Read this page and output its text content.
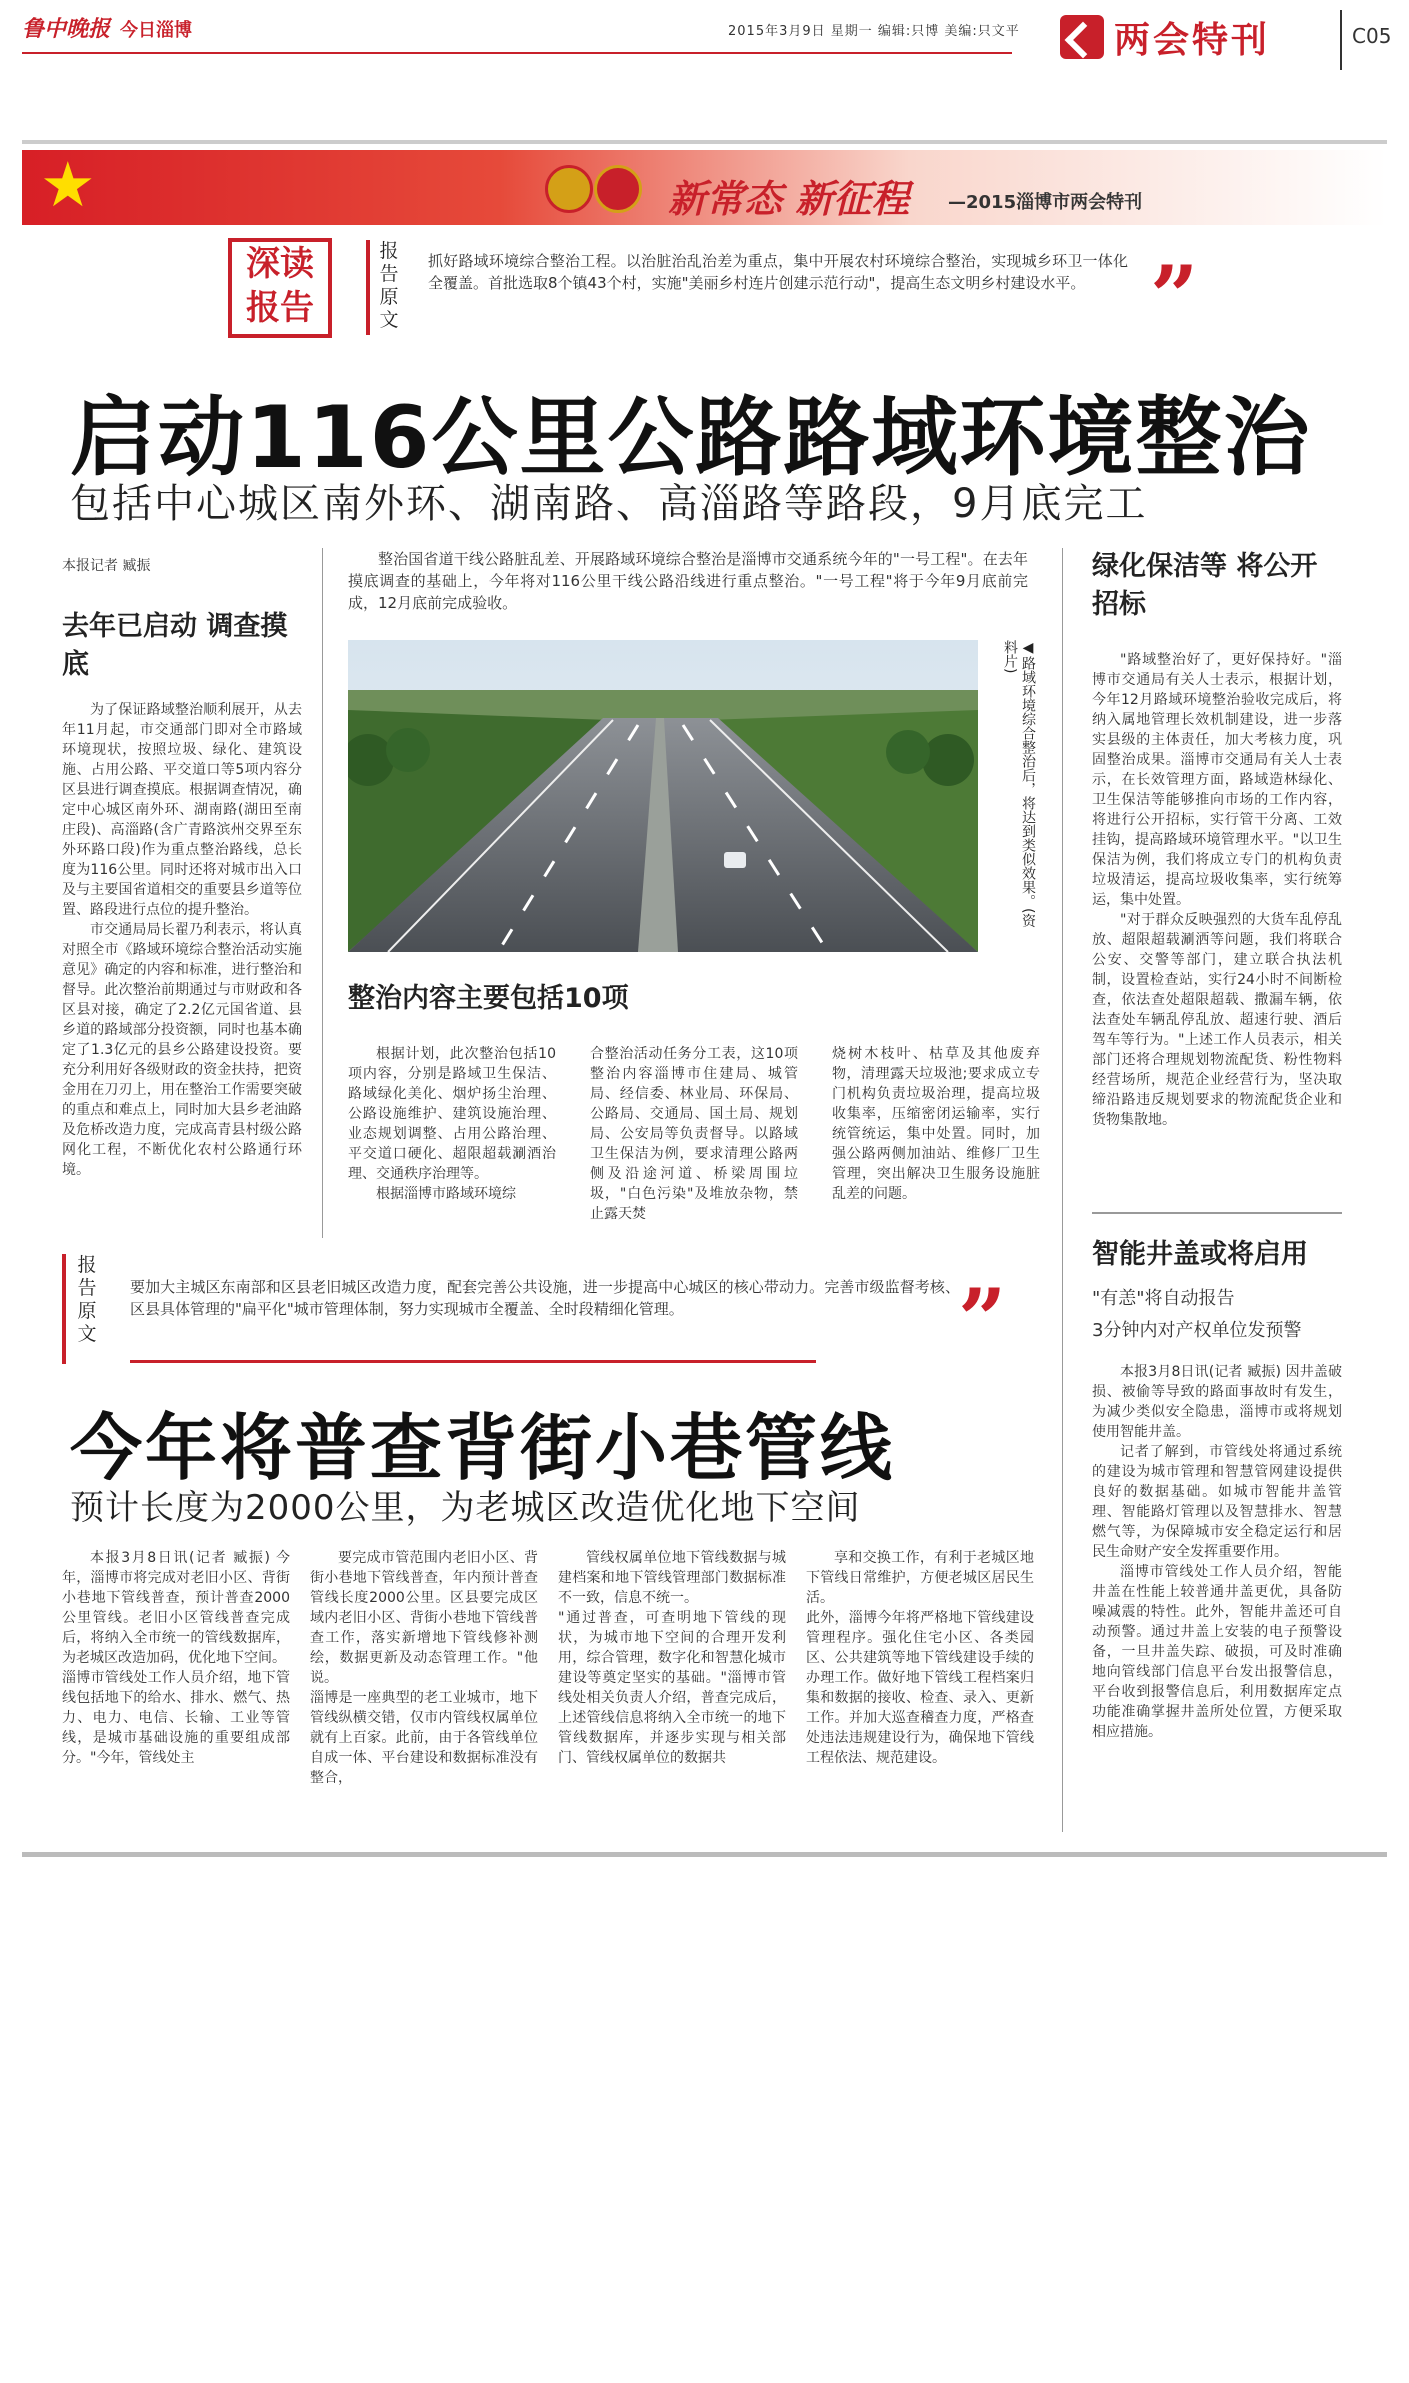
鲁中晚报 今日淄博	2015年3月9日 星期一 编辑:只博 美编:只文平	两会特刊	C05
★	新常态 新征程 —2015淄博市两会特刊
深读报告
报告原文
抓好路域环境综合整治工程。以治脏治乱治差为重点，集中开展农村环境综合整治，实现城乡环卫一体化全覆盖。首批选取8个镇43个村，实施"美丽乡村连片创建示范行动"，提高生态文明乡村建设水平。 ”
启动116公里公路路域环境整治
包括中心城区南外环、湖南路、高淄路等路段，9月底完工
本报记者 臧振
去年已启动 调查摸底

为了保证路域整治顺利展开，从去年11月起，市交通部门即对全市路域环境现状，按照垃圾、绿化、建筑设施、占用公路、平交道口等5项内容分区县进行调查摸底。根据调查情况，确定中心城区南外环、湖南路(湖田至南庄段)、高淄路(含广青路滨州交界至东外环路口段)作为重点整治路线，总长度为116公里。同时还将对城市出入口及与主要国省道相交的重要县乡道等位置、路段进行点位的提升整治。

市交通局局长翟乃利表示，将认真对照全市《路域环境综合整治活动实施意见》确定的内容和标准，进行整治和督导。此次整治前期通过与市财政和各区县对接，确定了2.2亿元国省道、县乡道的路域部分投资额，同时也基本确定了1.3亿元的县乡公路建设投资。要充分利用好各级财政的资金扶持，把资金用在刀刃上，用在整治工作需要突破的重点和难点上，同时加大县乡老油路及危桥改造力度，完成高青县村级公路网化工程，不断优化农村公路通行环境。

整治国省道干线公路脏乱差、开展路域环境综合整治是淄博市交通系统今年的"一号工程"。在去年摸底调查的基础上，今年将对116公里干线公路沿线进行重点整治。"一号工程"将于今年9月底前完成，12月底前完成验收。
◀路域环境综合整治后，将达到类似效果。(资料片)
整治内容主要包括10项

根据计划，此次整治包括10项内容，分别是路域卫生保洁、路域绿化美化、烟炉扬尘治理、公路设施维护、建筑设施治理、业态规划调整、占用公路治理、平交道口硬化、超限超载涮酒治理、交通秩序治理等。

根据淄博市路域环境综

合整治活动任务分工表，这10项整治内容淄博市住建局、城管局、经信委、林业局、环保局、公路局、交通局、国土局、规划局、公安局等负责督导。以路域卫生保洁为例，要求清理公路两侧及沿途河道、桥梁周围垃圾，"白色污染"及堆放杂物，禁止露天焚
烧树木枝叶、枯草及其他废弃物，清理露天垃圾池;要求成立专门机构负责垃圾治理，提高垃圾收集率，压缩密闭运输率，实行统管统运，集中处置。同时，加强公路两侧加油站、维修厂卫生管理，突出解决卫生服务设施脏乱差的问题。
绿化保洁等 将公开招标

"路域整治好了，更好保持好。"淄博市交通局有关人士表示，根据计划，今年12月路域环境整治验收完成后，将纳入属地管理长效机制建设，进一步落实县级的主体责任，加大考核力度，巩固整治成果。淄博市交通局有关人士表示，在长效管理方面，路域造林绿化、卫生保洁等能够推向市场的工作内容，将进行公开招标，实行管干分离、工效挂钩，提高路域环境管理水平。"以卫生保洁为例，我们将成立专门的机构负责垃圾清运，提高垃圾收集率，实行统筹运，集中处置。

"对于群众反映强烈的大货车乱停乱放、超限超载涮洒等问题，我们将联合公安、交警等部门，建立联合执法机制，设置检查站，实行24小时不间断检查，依法查处超限超载、撒漏车辆，依法查处车辆乱停乱放、超速行驶、酒后驾车等行为。"上述工作人员表示，相关部门还将合理规划物流配货、粉性物料经营场所，规范企业经营行为，坚决取缔沿路违反规划要求的物流配货企业和货物集散地。

智能井盖或将启用
"有恙"将自动报告
3分钟内对产权单位发预警

本报3月8日讯(记者 臧振) 因井盖破损、被偷等导致的路面事故时有发生，为减少类似安全隐患，淄博市或将规划使用智能井盖。

记者了解到，市管线处将通过系统的建设为城市管理和智慧管网建设提供良好的数据基础。如城市智能井盖管理、智能路灯管理以及智慧排水、智慧燃气等，为保障城市安全稳定运行和居民生命财产安全发挥重要作用。

淄博市管线处工作人员介绍，智能井盖在性能上较普通井盖更优，具备防噪减震的特性。此外，智能井盖还可自动预警。通过井盖上安装的电子预警设备，一旦井盖失踪、破损，可及时准确地向管线部门信息平台发出报警信息，平台收到报警信息后，利用数据库定点功能准确掌握井盖所处位置，方便采取相应措施。

报告原文
要加大主城区东南部和区县老旧城区改造力度，配套完善公共设施，进一步提高中心城区的核心带动力。完善市级监督考核、区县具体管理的"扁平化"城市管理体制，努力实现城市全覆盖、全时段精细化管理。	”
今年将普查背街小巷管线
预计长度为2000公里，为老城区改造优化地下空间
本报3月8日讯(记者 臧振) 今年，淄博市将完成对老旧小区、背街小巷地下管线普查，预计普查2000公里管线。老旧小区管线普查完成后，将纳入全市统一的管线数据库，为老城区改造加码，优化地下空间。
淄博市管线处工作人员介绍，地下管线包括地下的给水、排水、燃气、热力、电力、电信、长输、工业等管线，是城市基础设施的重要组成部分。"今年，管线处主
要完成市管范围内老旧小区、背街小巷地下管线普查，年内预计普查管线长度2000公里。区县要完成区域内老旧小区、背街小巷地下管线普查工作，落实新增地下管线修补测绘，数据更新及动态管理工作。"他说。
淄博是一座典型的老工业城市，地下管线纵横交错，仅市内管线权属单位就有上百家。此前，由于各管线单位自成一体、平台建设和数据标准没有整合，
管线权属单位地下管线数据与城建档案和地下管线管理部门数据标准不一致，信息不统一。
"通过普查，可查明地下管线的现状，为城市地下空间的合理开发利用，综合管理，数字化和智慧化城市建设等奠定坚实的基础。"淄博市管线处相关负责人介绍，普查完成后，上述管线信息将纳入全市统一的地下管线数据库，并逐步实现与相关部门、管线权属单位的数据共
享和交换工作，有利于老城区地下管线日常维护，方便老城区居民生活。
此外，淄博今年将严格地下管线建设管理程序。强化住宅小区、各类园区、公共建筑等地下管线建设手续的办理工作。做好地下管线工程档案归集和数据的接收、检查、录入、更新工作。并加大巡查稽查力度，严格查处违法违规建设行为，确保地下管线工程依法、规范建设。
